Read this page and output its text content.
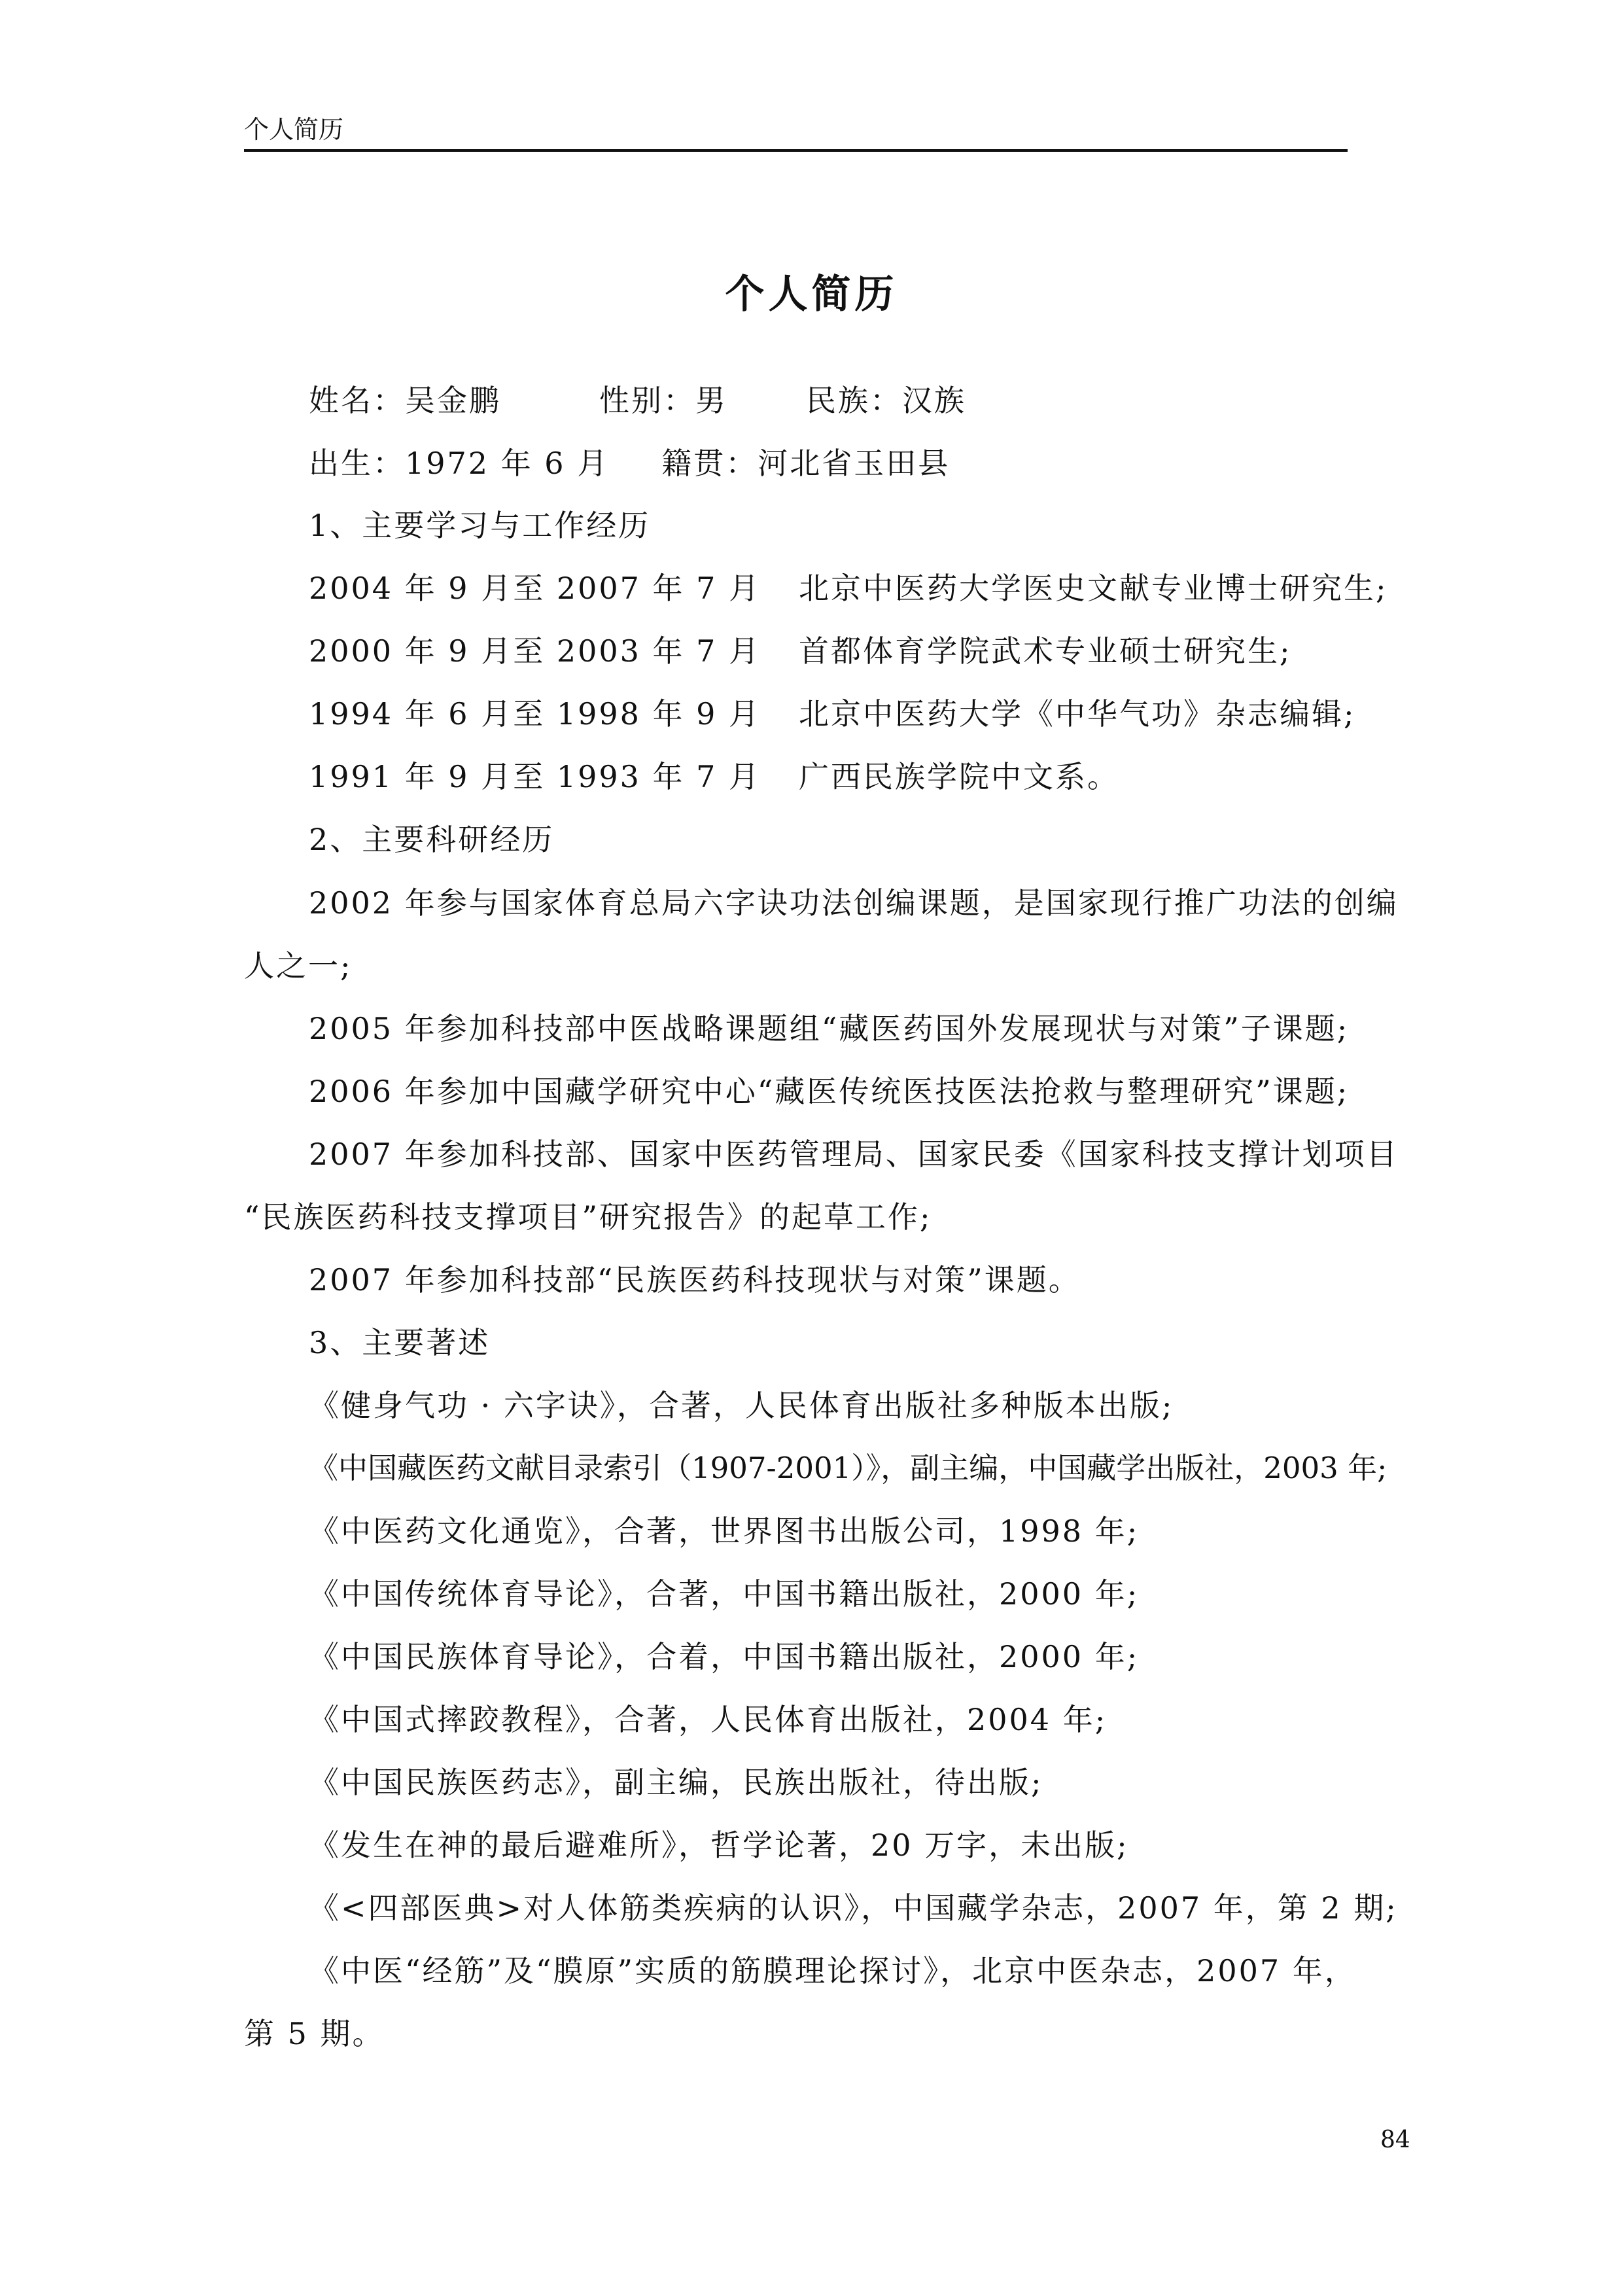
个人简历
个人简历
姓名：吴金鹏	性别：男	民族：汉族
出生：1972 年 6 月 籍贯：河北省玉田县
1、主要学习与工作经历
2004 年 9 月至 2007 年 7 月 北京中医药大学医史文献专业博士研究生;
2000 年 9 月至 2003 年 7 月 首都体育学院武术专业硕士研究生;
1994 年 6 月至 1998 年 9 月 北京中医药大学《中华气功》杂志编辑;
1991 年 9 月至 1993 年 7 月 广西民族学院中文系。
2、主要科研经历
2002 年参与国家体育总局六字诀功法创编课题，是国家现行推广功法的创编
人之一;
2005 年参加科技部中医战略课题组“藏医药国外发展现状与对策”子课题;
2006 年参加中国藏学研究中心“藏医传统医技医法抢救与整理研究”课题;
2007 年参加科技部、国家中医药管理局、国家民委《国家科技支撑计划项目
“民族医药科技支撑项目”研究报告》的起草工作;
2007 年参加科技部“民族医药科技现状与对策”课题。
3、主要著述
《健身气功 · 六字诀》，合著，人民体育出版社多种版本出版;
《中国藏医药文献目录索引（1907-2001）》，副主编，中国藏学出版社，2003 年;
《中医药文化通览》，合著，世界图书出版公司，1998 年;
《中国传统体育导论》，合著，中国书籍出版社，2000 年;
《中国民族体育导论》，合着，中国书籍出版社，2000 年;
《中国式摔跤教程》，合著，人民体育出版社，2004 年;
《中国民族医药志》，副主编，民族出版社，待出版;
《发生在神的最后避难所》，哲学论著，20 万字，未出版;
《<四部医典>对人体筋类疾病的认识》，中国藏学杂志，2007 年，第 2 期;
《中医“经筋”及“膜原”实质的筋膜理论探讨》，北京中医杂志，2007 年，
第 5 期。
84
